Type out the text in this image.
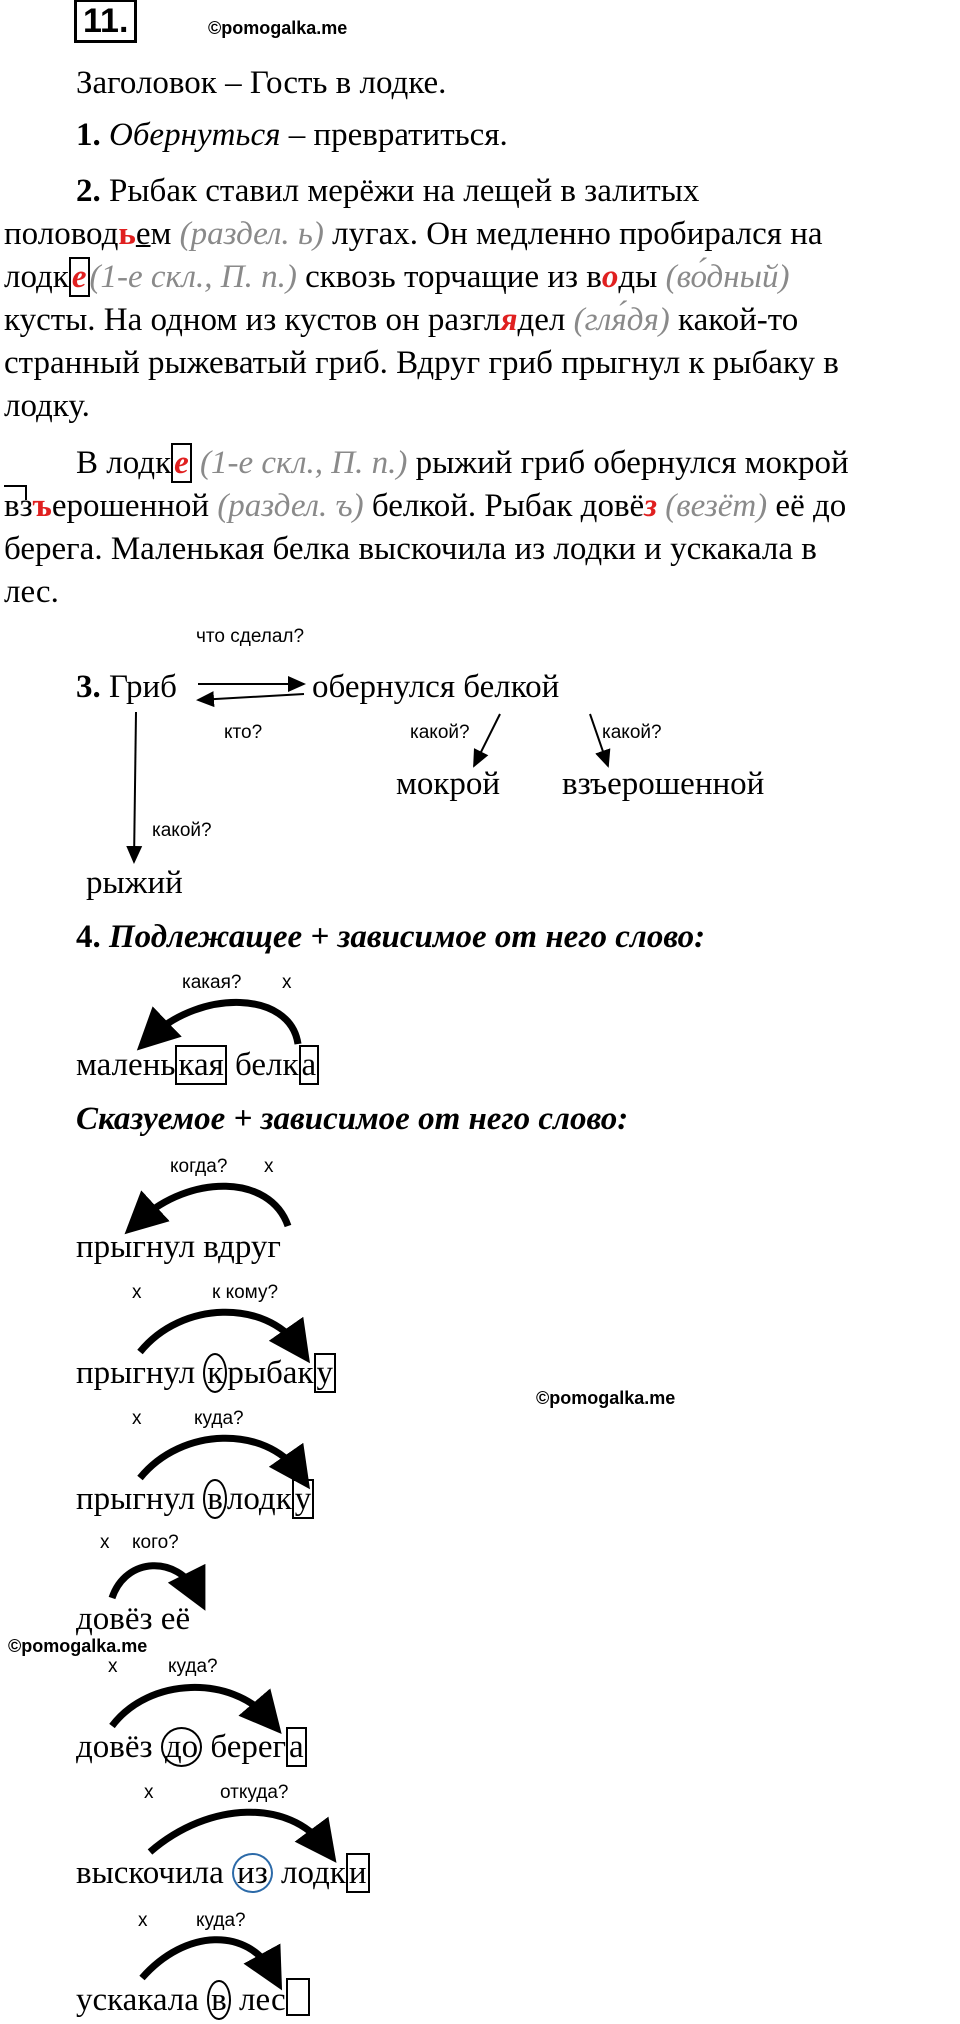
11.	©pomogalka.me
Заголовок – Гость в лодке.
1. Обернуться – превратиться.
2. Рыбак ставил мерёжи на лещей в залитых
половодьем (раздел. ь) лугах. Он медленно пробирался на
лодке(1-е скл., П. п.) сквозь торчащие из воды (во́дный)
кусты. На одном из кустов он разглядел (гля́дя) какой-то
странный рыжеватый гриб. Вдруг гриб прыгнул к рыбаку в
лодку.
В лодке (1-е скл., П. п.) рыжий гриб обернулся мокрой
взъерошенной (раздел. ъ) белкой. Рыбак довёз (везёт) её до
берега. Маленькая белка выскочила из лодки и ускакала в
лес.
что сделал?
3. Гриб	обернулся белкой
кто?	какой?	какой?
мокрой взъерошенной
какой?
рыжий
4. Подлежащее + зависимое от него слово:
какая? х
маленькая белка
Сказуемое + зависимое от него слово:
когда? х
прыгнул вдруг
х	к кому?
прыгнул к рыбаку
©pomogalka.me
х	куда?
прыгнул в лодку
х кого?
довёз её
©pomogalka.me
х	куда?
довёз до берега
х	откуда?
выскочила из лодки
х	куда?
ускакала в лес
